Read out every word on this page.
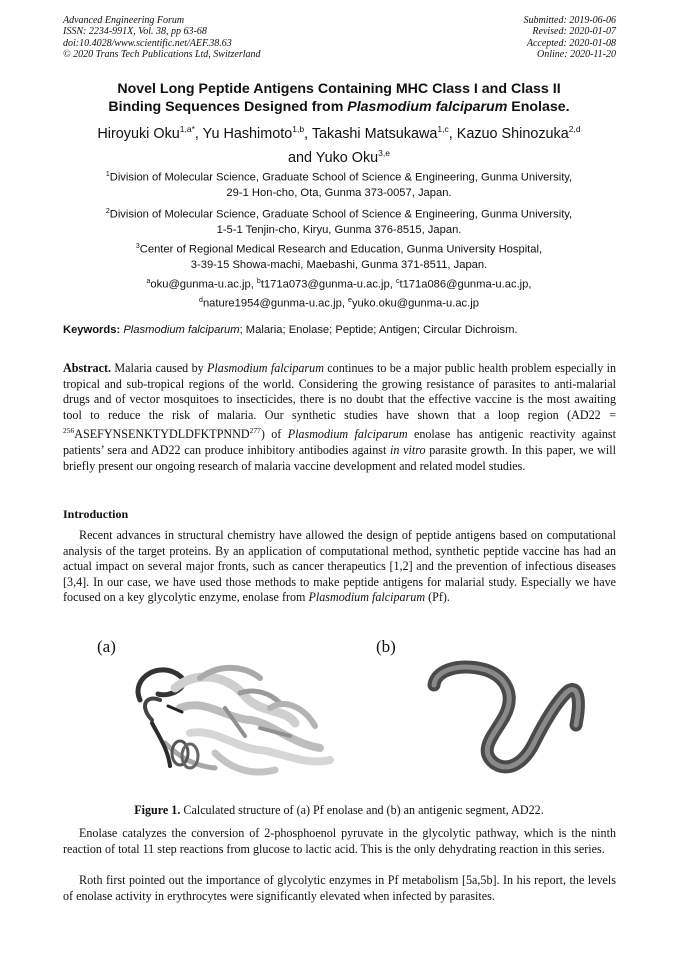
Advanced Engineering Forum
ISSN: 2234-991X, Vol. 38, pp 63-68
doi:10.4028/www.scientific.net/AEF.38.63
© 2020 Trans Tech Publications Ltd, Switzerland
Submitted: 2019-06-06
Revised: 2020-01-07
Accepted: 2020-01-08
Online: 2020-11-20
Novel Long Peptide Antigens Containing MHC Class I and Class II
Binding Sequences Designed from Plasmodium falciparum Enolase.
Hiroyuki Oku$^{1,a*}$, Yu Hashimoto$^{1,b}$, Takashi Matsukawa$^{1,c}$, Kazuo Shinozuka$^{2,d}$
and Yuko Oku$^{3,e}$
$^1$Division of Molecular Science, Graduate School of Science & Engineering, Gunma University,
29-1 Hon-cho, Ota, Gunma 373-0057, Japan.
$^2$Division of Molecular Science, Graduate School of Science & Engineering, Gunma University,
1-5-1 Tenjin-cho, Kiryu, Gunma 376-8515, Japan.
$^3$Center of Regional Medical Research and Education, Gunma University Hospital,
3-39-15 Showa-machi, Maebashi, Gunma 371-8511, Japan.
$^a$oku@gunma-u.ac.jp, $^b$t171a073@gunma-u.ac.jp, $^c$t171a086@gunma-u.ac.jp,
$^d$nature1954@gunma-u.ac.jp, $^e$yuko.oku@gunma-u.ac.jp
Keywords: Plasmodium falciparum; Malaria; Enolase; Peptide; Antigen; Circular Dichroism.
Abstract. Malaria caused by Plasmodium falciparum continues to be a major public health problem especially in tropical and sub-tropical regions of the world. Considering the growing resistance of parasites to anti-malarial drugs and of vector mosquitoes to insecticides, there is no doubt that the effective vaccine is the most awaiting tool to reduce the risk of malaria. Our synthetic studies have shown that a loop region $(AD22 = ^{256}ASEFYNSENKTYDLDFKTPNND^{277})$ of Plasmodium falciparum enolase has antigenic reactivity against patients’ sera and AD22 can produce inhibitory antibodies against in vitro parasite growth. In this paper, we will briefly present our ongoing research of malaria vaccine development and related model studies.
Introduction
Recent advances in structural chemistry have allowed the design of peptide antigens based on computational analysis of the target proteins. By an application of computational method, synthetic peptide vaccine has had an actual impact on several major fronts, such as cancer therapeutics [1,2] and the prevention of infectious diseases [3,4]. In our case, we have used those methods to make peptide antigens for malarial study. Especially we have focused on a key glycolytic enzyme, enolase from Plasmodium falciparum (Pf).
(a)	(b)
Figure 1. Calculated structure of (a) Pf enolase and (b) an antigenic segment, AD22.
Enolase catalyzes the conversion of 2-phosphoenol pyruvate in the glycolytic pathway, which is the ninth reaction of total 11 step reactions from glucose to lactic acid. This is the only dehydrating reaction in this series.
Roth first pointed out the importance of glycolytic enzymes in Pf metabolism [5a,5b]. In his report, the levels of enolase activity in erythrocytes were significantly elevated when infected by parasites.
